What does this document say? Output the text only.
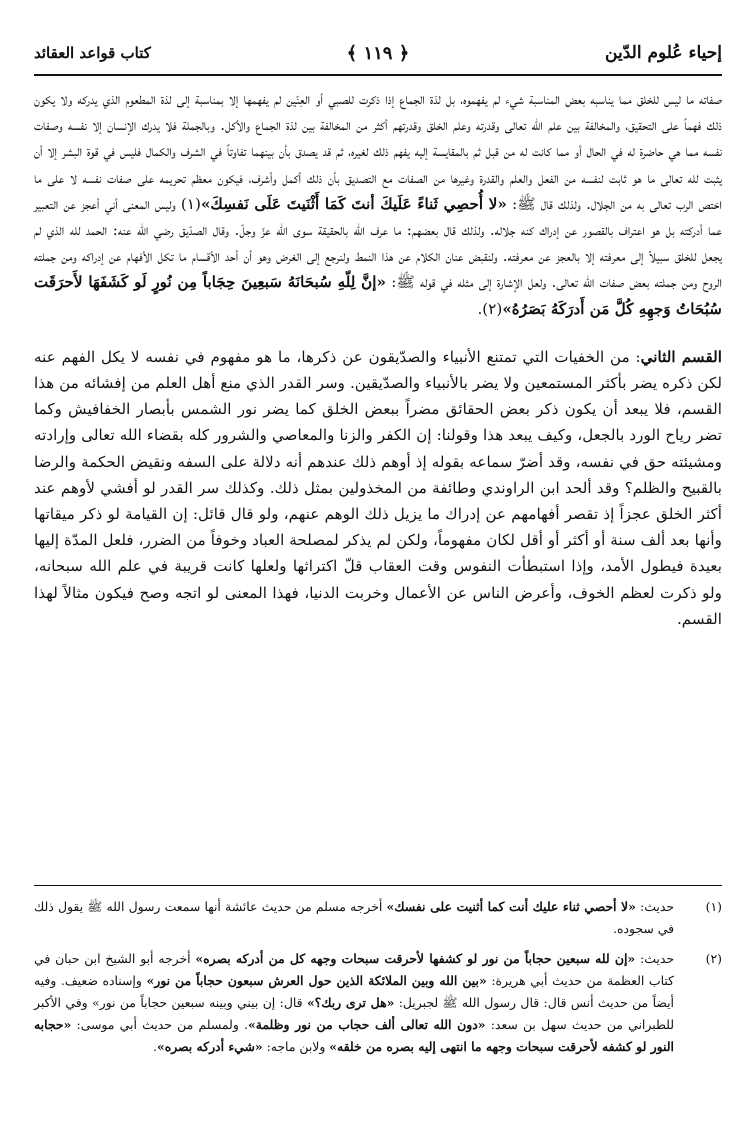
إحياء عُلوم الدّين
﴿ ١١٩ ﴾
كتاب قواعد العقائد

صفاته ما ليس للخلق مما يناسبه بعض المناسبة شيء لم يفهموه، بل لذة الجماع إذا ذكرت للصبي أو العِنّين لم يفهمها إلا بمناسبة إلى لذة المطعوم الذي يدركه ولا يكون ذلك فهماً على التحقيق، والمخالفة بين علم الله تعالى وقدرته وعلم الخلق وقدرتهم أكثر من المخالفة بين لذة الجماع والأكل. وبالجملة فلا يدرك الإنسان إلا نفسه وصفات نفسه مما هي حاضرة له في الحال أو مما كانت له من قبل ثم بالمقايسة إليه يفهم ذلك لغيره، ثم قد يصدق بأن بينهما تفاوتاً في الشرف والكمال فليس في قوة البشر إلا أن يثبت لله تعالى ما هو ثابت لنفسه من الفعل والعلم والقدرة وغيرها من الصفات مع التصديق بأن ذلك أكمل وأشرف، فيكون معظم تحريمه على صفات نفسه لا على ما اختص الرب تعالى به من الجلال. ولذلك قال ﷺ: «لا أُحصِي ثَناءً عَلَيكَ أنتَ كَمَا أَثْنَيتَ عَلَى نَفسِكَ»(١) وليس المعنى أني أعجز عن التعبير عما أدركته بل هو اعتراف بالقصور عن إدراك كنه جلاله. ولذلك قال بعضهم: ما عرف الله بالحقيقة سوى الله عزّ وجلّ. وقال الصدّيق رضي الله عنه: الحمد لله الذي لم يجعل للخلق سبيلاً إلى معرفته إلا بالعجز عن معرفته. ولنقبض عنان الكلام عن هذا النمط ولنرجع إلى الغرض وهو أن أحد الأقسام ما تكل الأفهام عن إدراكه ومن جملته الروح ومن جملته بعض صفات الله تعالى. ولعل الإشارة إلى مثله في قوله ﷺ: «إنَّ لِلّهِ سُبحَانَهُ سَبعِينَ حِجَاباً مِن نُورٍ لَو كَشَفَهَا لأَحرَقَت سُبُحَاتُ وَجهِهِ كُلَّ مَن أَدرَكَهُ بَصَرُهُ»(٢).

القسم الثاني: من الخفيات التي تمتنع الأنبياء والصدّيقون عن ذكرها، ما هو مفهوم في نفسه لا يكل الفهم عنه لكن ذكره يضر بأكثر المستمعين ولا يضر بالأنبياء والصدّيقين. وسر القدر الذي منع أهل العلم من إفشائه من هذا القسم، فلا يبعد أن يكون ذكر بعض الحقائق مضراً ببعض الخلق كما يضر نور الشمس بأبصار الخفافيش وكما تضر رياح الورد بالجعل، وكيف يبعد هذا وقولنا: إن الكفر والزنا والمعاصي والشرور كله بقضاء الله تعالى وإرادته ومشيئته حق في نفسه، وقد أضرّ سماعه بقوله إذ أوهم ذلك عندهم أنه دلالة على السفه ونقيض الحكمة والرضا بالقبيح والظلم؟ وقد ألحد ابن الراوندي وطائفة من المخذولين بمثل ذلك. وكذلك سر القدر لو أفشي لأوهم عند أكثر الخلق عجزاً إذ تقصر أفهامهم عن إدراك ما يزيل ذلك الوهم عنهم، ولو قال قائل: إن القيامة لو ذكر ميقاتها وأنها بعد ألف سنة أو أكثر أو أقل لكان مفهوماً، ولكن لم يذكر لمصلحة العباد وخوفاً من الضرر، فلعل المدّة إليها بعيدة فيطول الأمد، وإذا استبطأت النفوس وقت العقاب قلّ اكتراثها ولعلها كانت قريبة في علم الله سبحانه، ولو ذكرت لعظم الخوف، وأعرض الناس عن الأعمال وخربت الدنيا، فهذا المعنى لو اتجه وصح فيكون مثالاً لهذا القسم.

(١)
حديث: «لا أحصي ثناء عليك أنت كما أثنيت على نفسك» أخرجه مسلم من حديث عائشة أنها سمعت رسول الله ﷺ يقول ذلك في سجوده.
(٢)
حديث: «إن لله سبعين حجاباً من نور لو كشفها لأحرقت سبحات وجهه كل من أدركه بصره» أخرجه أبو الشيخ ابن حبان في كتاب العظمة من حديث أبي هريرة: «بين الله وبين الملائكة الذين حول العرش سبعون حجاباً من نور» وإسناده ضعيف. وفيه أيضاً من حديث أنس قال: قال رسول الله ﷺ لجبريل: «هل ترى ربك؟» قال: إن بيني وبينه سبعين حجاباً من نور» وفي الأكبر للطبراني من حديث سهل بن سعد: «دون الله تعالى ألف حجاب من نور وظلمة». ولمسلم من حديث أبي موسى: «حجابه النور لو كشفه لأحرقت سبحات وجهه ما انتهى إليه بصره من خلقه» ولابن ماجه: «شيء أدركه بصره».
